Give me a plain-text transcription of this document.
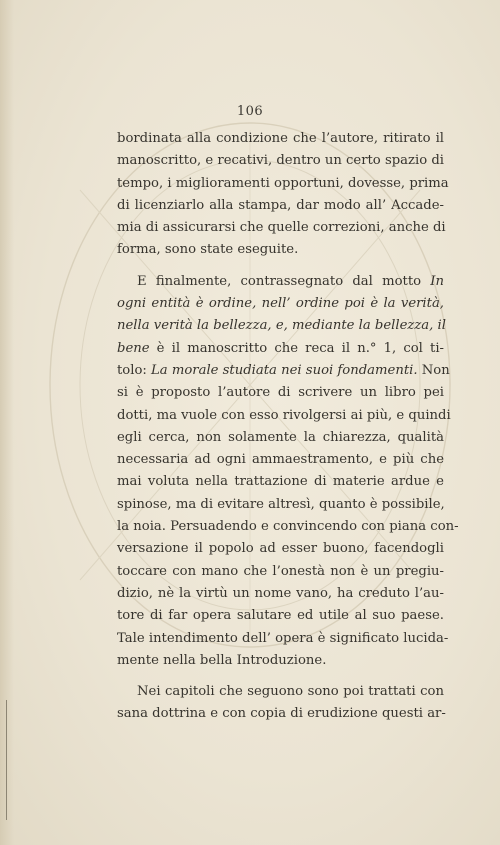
106
bordinata alla condizione che l’autore, ritirato il
manoscritto, e recativi, dentro un certo spazio di
tempo, i miglioramenti opportuni, dovesse, prima
di licenziarlo alla stampa, dar modo all’ Accade-
mia di assicurarsi che quelle correzioni, anche di
forma, sono state eseguite.
E finalmente, contrassegnato dal motto In
ogni entità è ordine, nell’ ordine poi è la verità,
nella verità la bellezza, e, mediante la bellezza, il
bene è il manoscritto che reca il n.° 1, col ti-
tolo: La morale studiata nei suoi fondamenti. Non
si è proposto l’autore di scrivere un libro pei
dotti, ma vuole con esso rivolgersi ai più, e quindi
egli cerca, non solamente la chiarezza, qualità
necessaria ad ogni ammaestramento, e più che
mai voluta nella trattazione di materie ardue e
spinose, ma di evitare altresì, quanto è possibile,
la noia. Persuadendo e convincendo con piana con-
versazione il popolo ad esser buono, facendogli
toccare con mano che l’onestà non è un pregiu-
dizio, nè la virtù un nome vano, ha creduto l’au-
tore di far opera salutare ed utile al suo paese.
Tale intendimento dell’ opera è significato lucida-
mente nella bella Introduzione.
Nei capitoli che seguono sono poi trattati con
sana dottrina e con copia di erudizione questi ar-
